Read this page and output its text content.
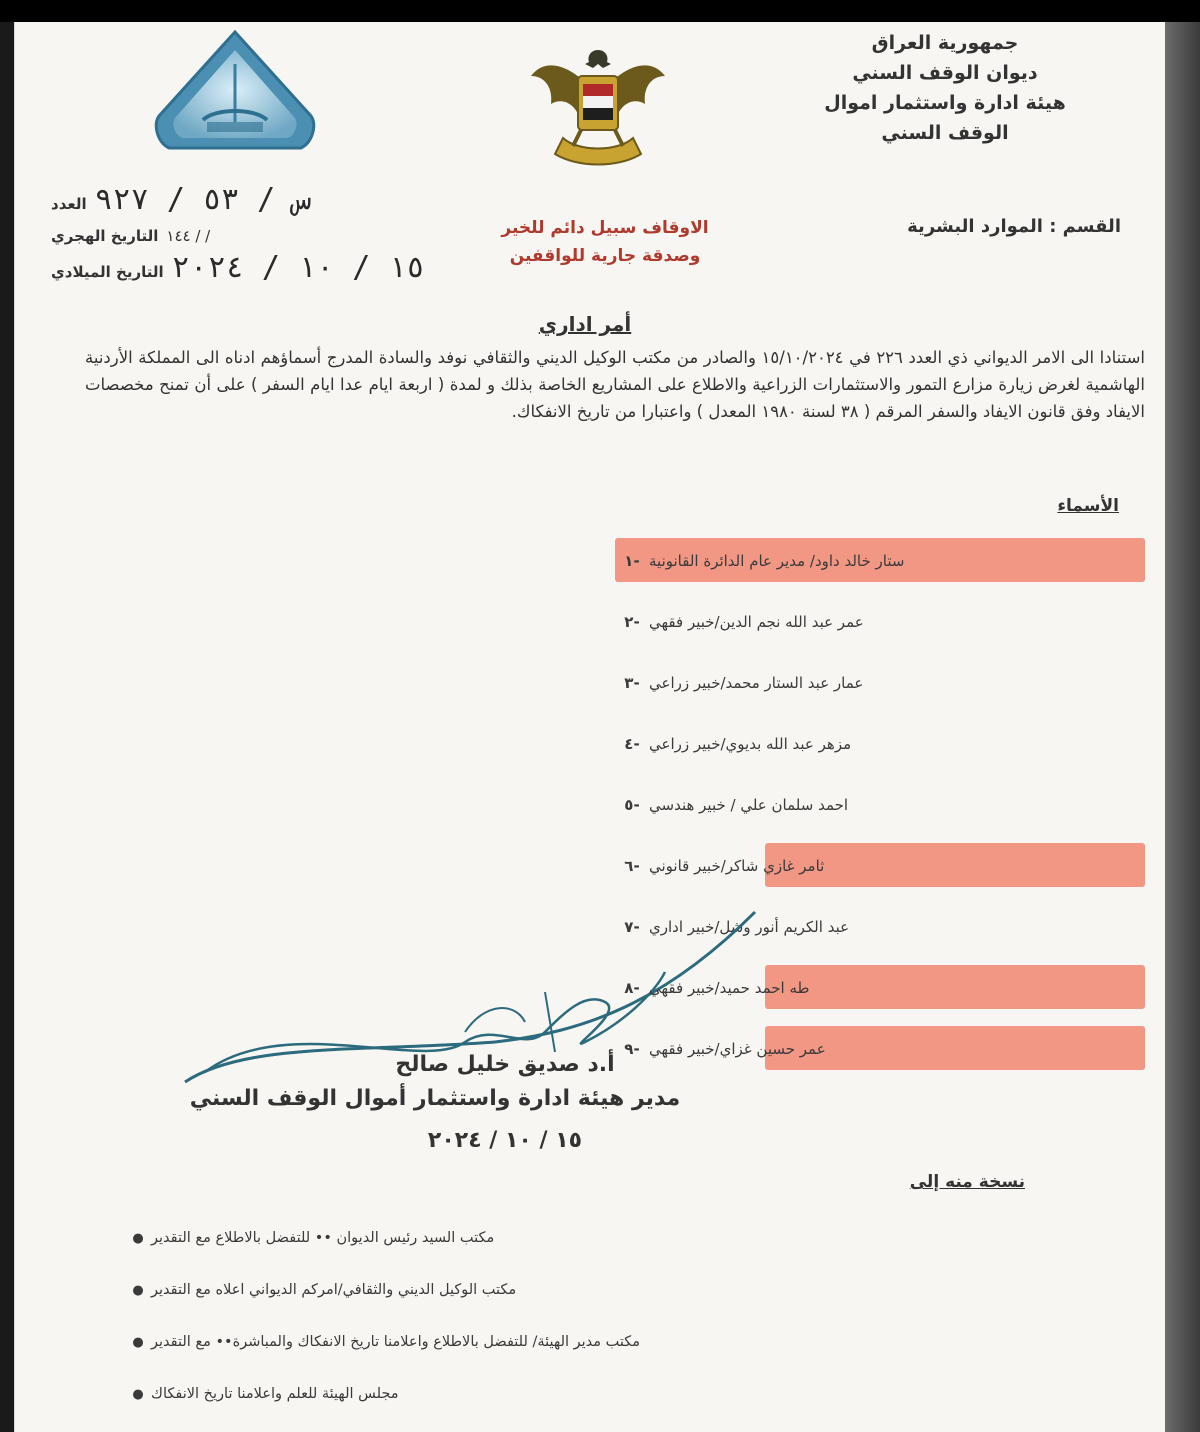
جمهورية العراق
ديوان الوقف السني
هيئة ادارة واستثمار اموال
الوقف السني
العدد س / ٥٣ / ٩٢٧
التاريخ الهجري / / ١٤٤
التاريخ الميلادي ١٥ / ١٠ / ٢٠٢٤
الاوقاف سبيل دائم للخير
وصدقة جارية للواقفين
القسم : الموارد البشرية
أمر اداري
استنادا الى الامر الديواني ذي العدد ٢٢٦ في ١٥/١٠/٢٠٢٤ والصادر من مكتب الوكيل الديني والثقافي نوفد والسادة المدرج أسماؤهم ادناه الى المملكة الأردنية الهاشمية لغرض زيارة مزارع التمور والاستثمارات الزراعية والاطلاع على المشاريع الخاصة بذلك و لمدة ( اربعة ايام عدا ايام السفر ) على أن تمنح مخصصات الايفاد وفق قانون الايفاد والسفر المرقم ( ٣٨ لسنة ١٩٨٠ المعدل ) واعتبارا من تاريخ الانفكاك.
الأسماء
-١ ستار خالد داود/ مدير عام الدائرة القانونية
-٢ عمر عبد الله نجم الدين/خبير فقهي
-٣ عمار عبد الستار محمد/خبير زراعي
-٤ مزهر عبد الله بديوي/خبير زراعي
-٥ احمد سلمان علي / خبير هندسي
-٦ ثامر غازي شاكر/خبير قانوني
-٧ عبد الكريم أنور وشل/خبير اداري
-٨ طه احمد حميد/خبير فقهي
-٩ عمر حسين غزاي/خبير فقهي
أ.د صديق خليل صالح
مدير هيئة ادارة واستثمار أموال الوقف السني
١٥ / ١٠ / ٢٠٢٤
نسخة منه إلى
● مكتب السيد رئيس الديوان •• للتفضل بالاطلاع مع التقدير
● مكتب الوكيل الديني والثقافي/امركم الديواني اعلاه مع التقدير
● مكتب مدير الهيئة/ للتفضل بالاطلاع واعلامنا تاريخ الانفكاك والمباشرة•• مع التقدير
● مجلس الهيئة للعلم واعلامنا تاريخ الانفكاك
